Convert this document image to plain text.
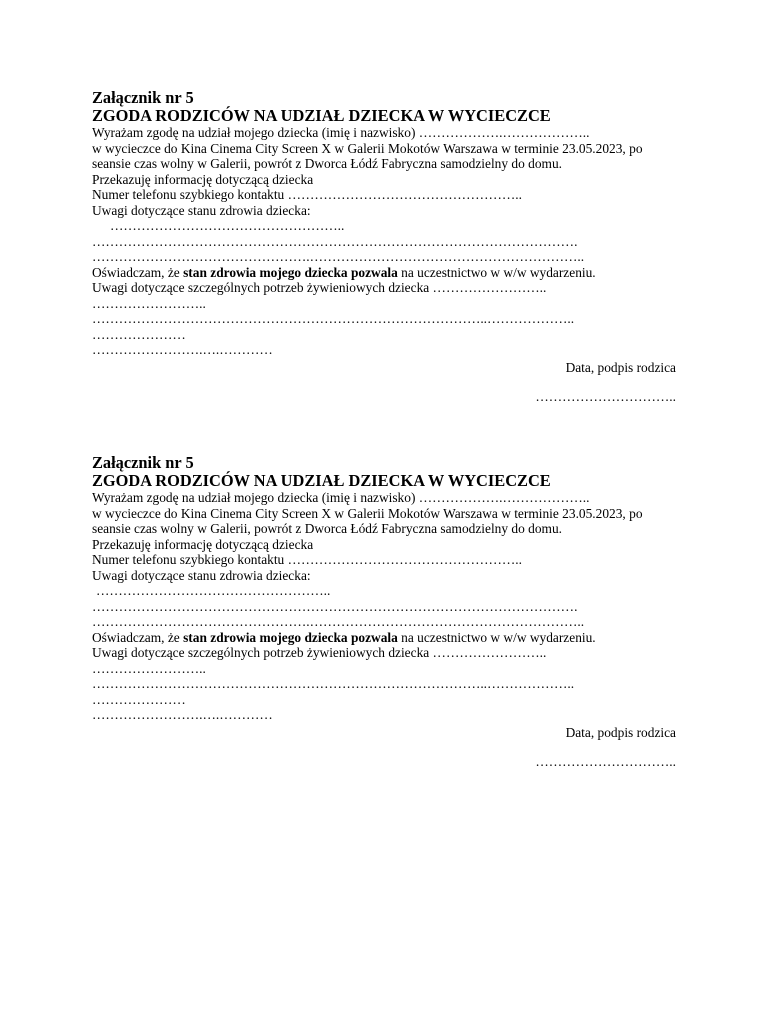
Załącznik nr 5
ZGODA RODZICÓW NA UDZIAŁ DZIECKA W WYCIECZCE
Wyrażam zgodę na udział mojego dziecka (imię i nazwisko) ……………….………………..
w wycieczce do Kina Cinema City Screen X w Galerii Mokotów Warszawa w terminie 23.05.2023, po seansie czas wolny w Galerii, powrót z Dworca Łódź Fabryczna samodzielny do domu.
Przekazuję informację dotyczącą dziecka
Numer telefonu szybkiego kontaktu ……………………………………………..
Uwagi dotyczące stanu zdrowia dziecka:
……………………………………………..
……………………………………………………………………………………………….
………………………………………….……………………………………………………..
Oświadczam, że stan zdrowia mojego dziecka pozwala na uczestnictwo w w/w wydarzeniu.
Uwagi dotyczące szczególnych potrzeb żywieniowych dziecka ……………………..
……………………..
……………………………………………………………………………..………………..
…………………
…………………….….…………
Data, podpis rodzica
…………………………..
Załącznik nr 5
ZGODA RODZICÓW NA UDZIAŁ DZIECKA W WYCIECZCE
Wyrażam zgodę na udział mojego dziecka (imię i nazwisko) ……………….………………..
w wycieczce do Kina Cinema City Screen X w Galerii Mokotów Warszawa w terminie 23.05.2023, po seansie czas wolny w Galerii, powrót z Dworca Łódź Fabryczna samodzielny do domu.
Przekazuję informację dotyczącą dziecka
Numer telefonu szybkiego kontaktu ……………………………………………..
Uwagi dotyczące stanu zdrowia dziecka:
……………………………………………..
……………………………………………………………………………………………….
………………………………………….……………………………………………………..
Oświadczam, że stan zdrowia mojego dziecka pozwala na uczestnictwo w w/w wydarzeniu.
Uwagi dotyczące szczególnych potrzeb żywieniowych dziecka ……………………..
……………………..
……………………………………………………………………………..………………..
…………………
…………………….….…………
Data, podpis rodzica
…………………………..
